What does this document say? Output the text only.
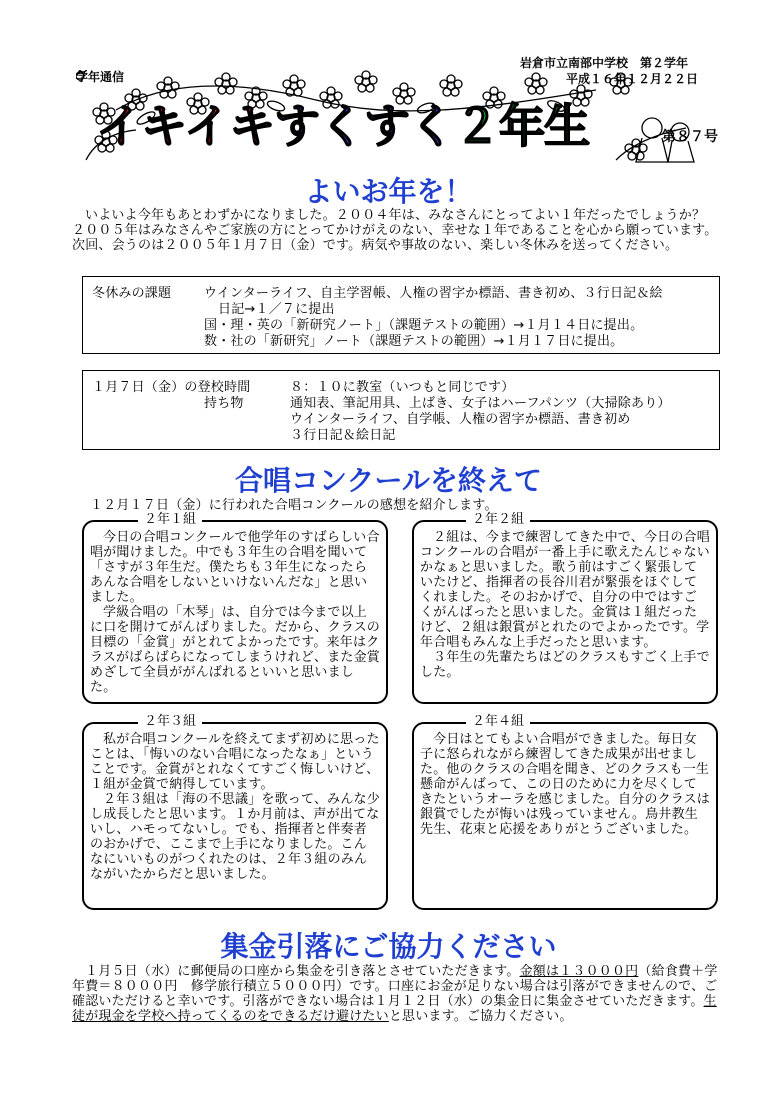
学年通信
岩倉市立南部中学校　第２学年
平成１６年１２月２２日
第８７号
イキイキすくすく２年生
よいお年を！

いよいよ今年もあとわずかになりました。２００４年は、みなさんにとってよい１年だったでしょうか？　２００５年はみなさんやご家族の方にとってかけがえのない、幸せな１年であることを心から願っています。次回、会うのは２００５年１月７日（金）です。病気や事故のない、楽しい冬休みを送ってください。

冬休みの課題	ウインターライフ、自主学習帳、人権の習字か標語、書き初め、３行日記＆絵
日記→１／７に提出
国・理・英の「新研究ノート」（課題テストの範囲）→１月１４日に提出。
数・社の「新研究」ノート（課題テストの範囲）→１月１７日に提出。
１月７日（金）の登校時間	８：１０に教室（いつもと同じです）
持ち物	通知表、筆記用具、上ばき、女子はハーフパンツ（大掃除あり）
ウインターライフ、自学帳、人権の習字か標語、書き初め
３行日記＆絵日記
合唱コンクールを終えて
１２月１７日（金）に行われた合唱コンクールの感想を紹介します。
２年１組

今日の合唱コンクールで他学年のすばらしい合唱が聞けました。中でも３年生の合唱を聞いて「さすが３年生だ。僕たちも３年生になったらあんな合唱をしないといけないんだな」と思いました。

学級合唱の「木琴」は、自分では今まで以上に口を開けてがんばりました。だから、クラスの目標の「金賞」がとれてよかったです。来年はクラスがばらばらになってしまうけれど、また金賞めざして全員ががんばれるといいと思いました。

２年２組

２組は、今まで練習してきた中で、今日の合唱コンクールの合唱が一番上手に歌えたんじゃないかなぁと思いました。歌う前はすごく緊張していたけど、指揮者の長谷川君が緊張をほぐしてくれました。そのおかげで、自分の中ではすごくがんばったと思いました。金賞は１組だったけど、２組は銀賞がとれたのでよかったです。学年合唱もみんな上手だったと思います。

３年生の先輩たちはどのクラスもすごく上手でした。

２年３組

私が合唱コンクールを終えてまず初めに思ったことは、「悔いのない合唱になったなぁ」ということです。金賞がとれなくてすごく悔しいけど、１組が金賞で納得しています。

２年３組は「海の不思議」を歌って、みんな少し成長したと思います。１か月前は、声が出てないし、ハモってないし。でも、指揮者と伴奏者のおかげで、ここまで上手になりました。こんなにいいものがつくれたのは、２年３組のみんながいたからだと思いました。

２年４組

今日はとてもよい合唱ができました。毎日女子に怒られながら練習してきた成果が出せました。他のクラスの合唱を聞き、どのクラスも一生懸命がんばって、この日のために力を尽くしてきたというオーラを感じました。自分のクラスは銀賞でしたが悔いは残っていません。鳥井教生先生、花束と応援をありがとうございました。

集金引落にご協力ください
１月５日（水）に郵便局の口座から集金を引き落とさせていただきます。金額は１３０００円（給食費＋学年費＝８０００円　修学旅行積立５０００円）です。口座にお金が足りない場合は引落ができませんので、ご確認いただけると幸いです。引落ができない場合は１月１２日（水）の集金日に集金させていただきます。生徒が現金を学校へ持ってくるのをできるだけ避けたいと思います。ご協力ください。
